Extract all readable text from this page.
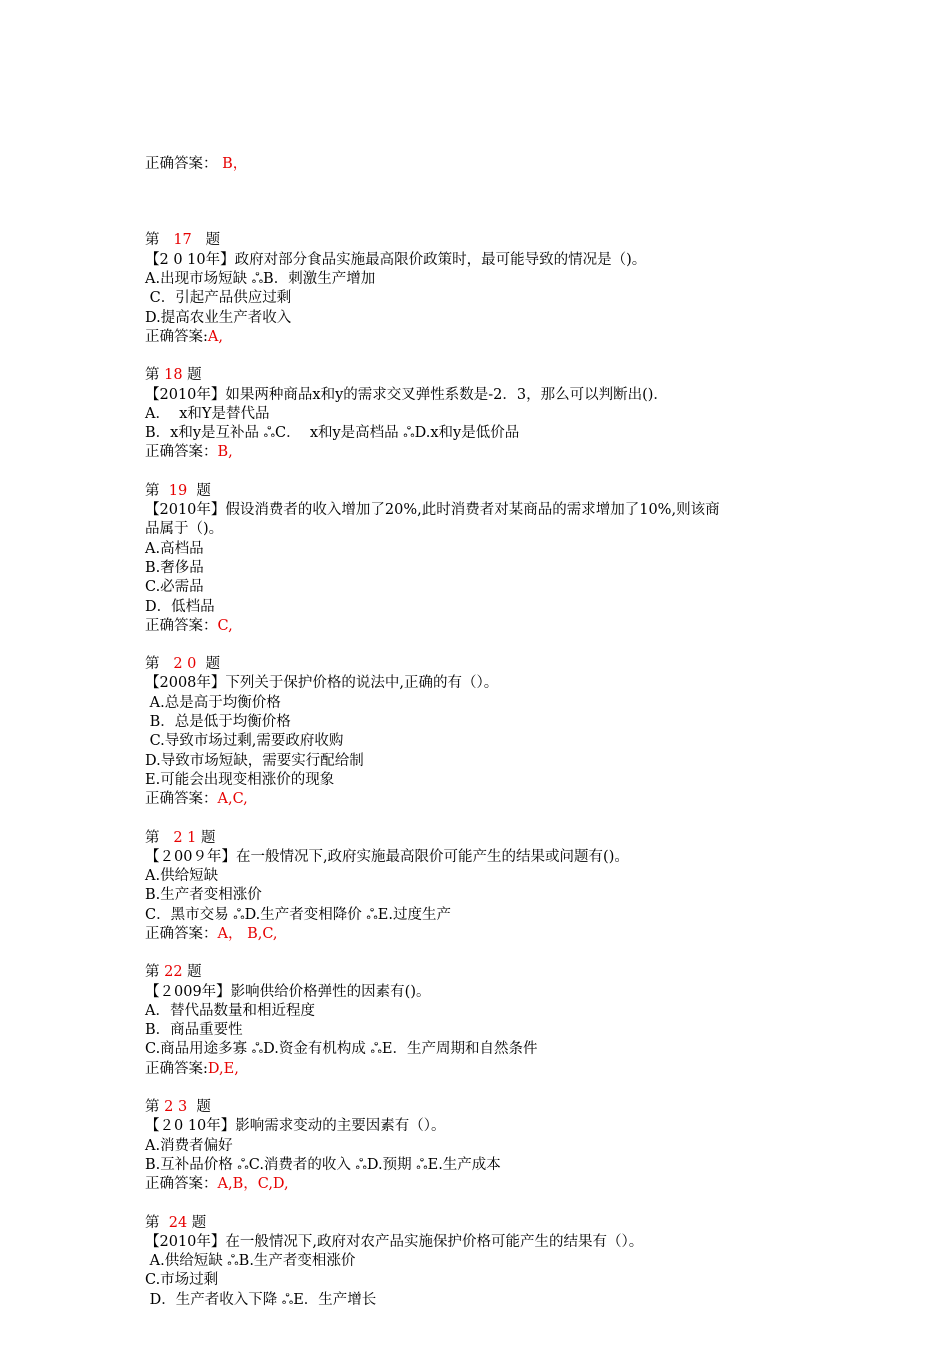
正确答案： B，

第   17   题
【2 0 10年】政府对部分食品实施最高限价政策时，最可能导致的情况是（)。
A.出现市场短缺 ஃB．刺激生产增加
C．引起产品供应过剩
D.提高农业生产者收入
正确答案:A,
第 18 题
【2010年】如果两种商品x和y的需求交叉弹性系数是-2．3，那么可以判断出()．
A．  x和Y是替代品
B．x和y是互补品 ஃC．  x和y是高档品 ஃD.x和y是低价品
正确答案：B,
第  19  题
【2010年】假设消费者的收入增加了20%,此时消费者对某商品的需求增加了10%,则该商
品属于（)。
A.高档品
B.奢侈品
C.必需品
D．低档品
正确答案：C,
第   2 0  题
【2008年】下列关于保护价格的说法中,正确的有（）。
A.总是高于均衡价格
B．总是低于均衡价格
C.导致市场过剩,需要政府收购
D.导致市场短缺，需要实行配给制
E.可能会出现变相涨价的现象
正确答案：A,C,
第   2 1 题
【２00９年】在一般情况下,政府实施最高限价可能产生的结果或问题有()。
A.供给短缺
B.生产者变相涨价
C．黑市交易 ஃD.生产者变相降价 ஃE.过度生产
正确答案：A， B,C,
第 22 题
【２009年】影响供给价格弹性的因素有()。
A．替代品数量和相近程度
B．商品重要性
C.商品用途多寡 ஃD.资金有机构成 ஃE．生产周期和自然条件
正确答案:D,E,
第 2 3  题
【２0 10年】影响需求变动的主要因素有（）。
A.消费者偏好
B.互补品价格 ஃC.消费者的收入 ஃD.预期 ஃE.生产成本
正确答案：A,B，C,D,
第  24 题
【2010年】在一般情况下,政府对农产品实施保护价格可能产生的结果有（）。
A.供给短缺 ஃB.生产者变相涨价
C.市场过剩
D．生产者收入下降 ஃE．生产增长
